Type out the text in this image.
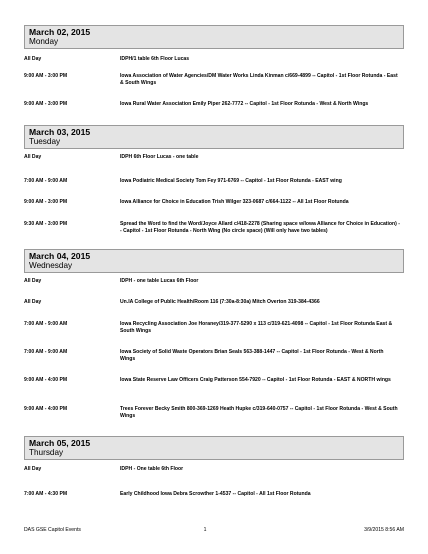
March 02, 2015
Monday
All Day	IDPH/1 table 6th Floor Lucas
9:00 AM - 3:00 PM	Iowa Association of Water Agencies/DM Water Works Linda Kinman c/669-4899 -- Capitol - 1st Floor Rotunda - East & South Wings
9:00 AM - 3:00 PM	Iowa Rural Water Association Emily Piper 262-7772 -- Capitol - 1st Floor Rotunda - West & North Wings
March 03, 2015
Tuesday
All Day	IDPH 6th Floor Lucas - one table
7:00 AM - 9:00 AM	Iowa Podiatric Medical Society Tom Fey 971-6769 -- Capitol - 1st Floor Rotunda - EAST wing
9:00 AM - 3:00 PM	Iowa Alliance for Choice in Education Trish Wilger 323-0687 c/664-1122 -- All 1st Floor Rotunda
9:30 AM - 3:00 PM	Spread the Word to find the Word/Joyce Allard c/418-2278 (Sharing space w/Iowa Alliance for Choice in Education) -- Capitol - 1st Floor Rotunda - North Wing (No circle space) (Will only have two tables)
March 04, 2015
Wednesday
All Day	IDPH - one table Lucas 6th Floor
All Day	Un.IA College of Public Health/Room 116 (7:30a-8:30a) Mitch Overton 319-384-4366
7:00 AM - 9:00 AM	Iowa Recycling Association Joe Horaney/319-377-5290 x 113 c/319-621-4098 -- Capitol - 1st Floor Rotunda East & South Wings
7:00 AM - 9:00 AM	Iowa Society of Solid Waste Operators Brian Seals 563-388-1447 -- Capitol - 1st Floor Rotunda - West & North Wings
9:00 AM - 4:00 PM	Iowa State Reserve Law Officers Craig Patterson 554-7920 -- Capitol - 1st Floor Rotunda - EAST & NORTH wings
9:00 AM - 4:00 PM	Trees Forever Becky Smith 800-369-1269 Heath Hupke c/319-640-0757 -- Capitol - 1st Floor Rotunda - West & South Wings
March 05, 2015
Thursday
All Day	IDPH - One table 6th Floor
7:00 AM - 4:30 PM	Early Childhood Iowa Debra Scrowther 1-4537 -- Capitol - All 1st Floor Rotunda
DAS GSE Capitol Events	1	3/9/2015 8:56 AM
